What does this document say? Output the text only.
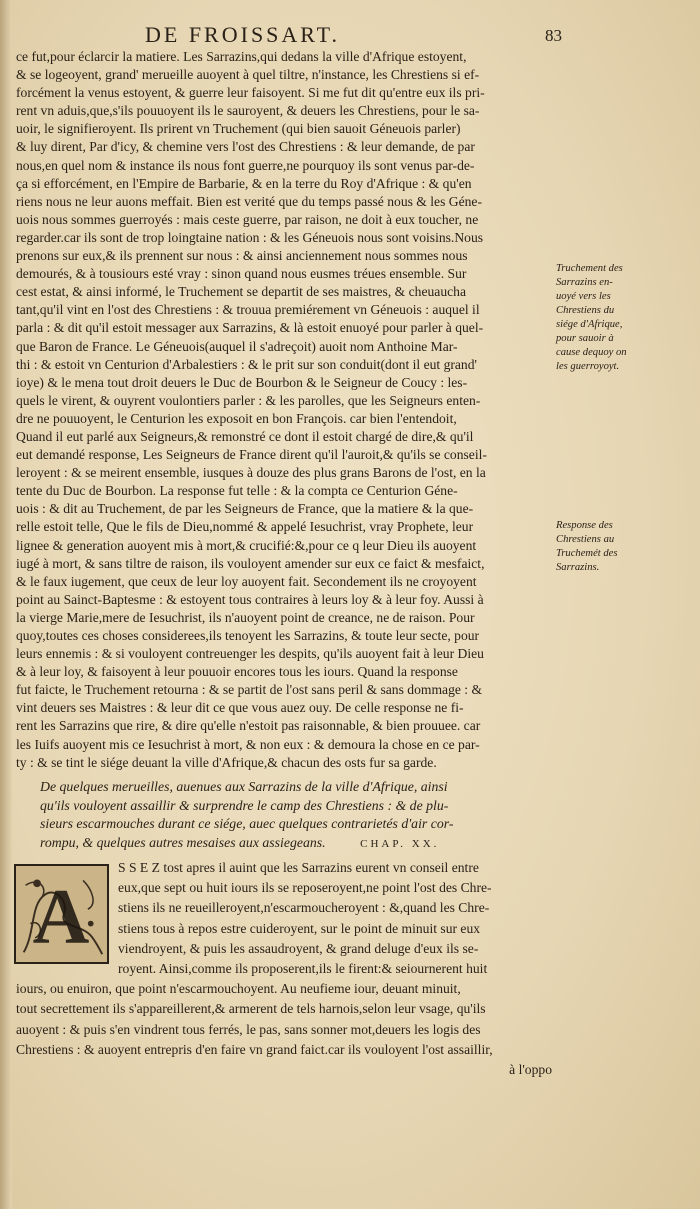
DE FROISSART.	83
ce fut,pour éclarcir la matiere. Les Sarrazins,qui dedans la ville d'Afrique estoyent,
& se logeoyent, grand' merueille auoyent à quel tiltre, n'instance, les Chrestiens si ef-
forcément la venus estoyent, & guerre leur faisoyent. Si me fut dit qu'entre eux ils pri-
rent vn aduis,que,s'ils pouuoyent ils le sauroyent, & deuers les Chrestiens, pour le sa-
uoir, le signifieroyent. Ils prirent vn Truchement (qui bien sauoit Géneuois parler)
& luy dirent, Par d'icy, & chemine vers l'ost des Chrestiens : & leur demande, de par
nous,en quel nom & instance ils nous font guerre,ne pourquoy ils sont venus par-de-
ça si efforcément, en l'Empire de Barbarie, & en la terre du Roy d'Afrique : & qu'en
riens nous ne leur auons meffait. Bien est verité que du temps passé nous & les Géne-
uois nous sommes guerroyés : mais ceste guerre, par raison, ne doit à eux toucher, ne
regarder.car ils sont de trop loingtaine nation : & les Géneuois nous sont voisins.Nous
prenons sur eux,& ils prennent sur nous : & ainsi anciennement nous sommes nous
demourés, & à tousiours esté vray : sinon quand nous eusmes tréues ensemble. Sur
cest estat, & ainsi informé, le Truchement se departit de ses maistres, & cheuaucha
tant,qu'il vint en l'ost des Chrestiens : & trouua premiérement vn Géneuois : auquel il
parla : & dit qu'il estoit messager aux Sarrazins, & là estoit enuoyé pour parler à quel-
que Baron de France. Le Géneuois(auquel il s'adreçoit) auoit nom Anthoine Mar-
thi : & estoit vn Centurion d'Arbalestiers : & le prit sur son conduit(dont il eut grand'
ioye) & le mena tout droit deuers le Duc de Bourbon & le Seigneur de Coucy : les-
quels le virent, & ouyrent voulontiers parler : & les parolles, que les Seigneurs enten-
dre ne pouuoyent, le Centurion les exposoit en bon François. car bien l'entendoit,
Quand il eut parlé aux Seigneurs,& remonstré ce dont il estoit chargé de dire,& qu'il
eut demandé response, Les Seigneurs de France dirent qu'il l'auroit,& qu'ils se conseil-
leroyent : & se meirent ensemble, iusques à douze des plus grans Barons de l'ost, en la
tente du Duc de Bourbon. La response fut telle : & la compta ce Centurion Géne-
uois : & dit au Truchement, de par les Seigneurs de France, que la matiere & la que-
relle estoit telle, Que le fils de Dieu,nommé & appelé Iesuchrist, vray Prophete, leur
lignee & generation auoyent mis à mort,& crucifié:&,pour ce q leur Dieu ils auoyent
iugé à mort, & sans tiltre de raison, ils vouloyent amender sur eux ce faict & mesfaict,
& le faux iugement, que ceux de leur loy auoyent fait. Secondement ils ne croyoyent
point au Sainct-Baptesme : & estoyent tous contraires à leurs loy & à leur foy. Aussi à
la vierge Marie,mere de Iesuchrist, ils n'auoyent point de creance, ne de raison. Pour
quoy,toutes ces choses considerees,ils tenoyent les Sarrazins, & toute leur secte, pour
leurs ennemis : & si vouloyent contreuenger les despits, qu'ils auoyent fait à leur Dieu
& à leur loy, & faisoyent à leur pouuoir encores tous les iours. Quand la response
fut faicte, le Truchement retourna : & se partit de l'ost sans peril & sans dommage : &
vint deuers ses Maistres : & leur dit ce que vous auez ouy. De celle response ne fi-
rent les Sarrazins que rire, & dire qu'elle n'estoit pas raisonnable, & bien prouuee. car
les Iuifs auoyent mis ce Iesuchrist à mort, & non eux : & demoura la chose en ce par-
ty : & se tint le siége deuant la ville d'Afrique,& chacun des osts fur sa garde.
Truchement des
Sarrazins en-
uoyé vers les
Chrestiens du
siége d'Afrique,
pour sauoir à
cause dequoy on
les guerroyoyt.
Response des
Chrestiens au
Truchemét des
Sarrazins.
De quelques merueilles, auenues aux Sarrazins de la ville d'Afrique, ainsi
qu'ils vouloyent assaillir & surprendre le camp des Chrestiens : & de plu-
sieurs escarmouches durant ce siége, auec quelques contrarietés d'air cor-
rompu, & quelques autres mesaises aux assiegeans.	CHAP. XX.
A
S S E Z tost apres il auint que les Sarrazins eurent vn conseil entre
eux,que sept ou huit iours ils se reposeroyent,ne point l'ost des Chre-
stiens ils ne reueilleroyent,n'escarmoucheroyent : &,quand les Chre-
stiens tous à repos estre cuideroyent, sur le point de minuit sur eux
viendroyent, & puis les assaudroyent, & grand deluge d'eux ils se-
royent. Ainsi,comme ils proposerent,ils le firent:& seiournerent huit
iours, ou enuiron, que point n'escarmouchoyent. Au neufieme iour, deuant minuit,
tout secrettement ils s'appareillerent,& armerent de tels harnois,selon leur vsage, qu'ils
auoyent : & puis s'en vindrent tous ferrés, le pas, sans sonner mot,deuers les logis des
Chrestiens : & auoyent entrepris d'en faire vn grand faict.car ils vouloyent l'ost assaillir,
à l'oppo
